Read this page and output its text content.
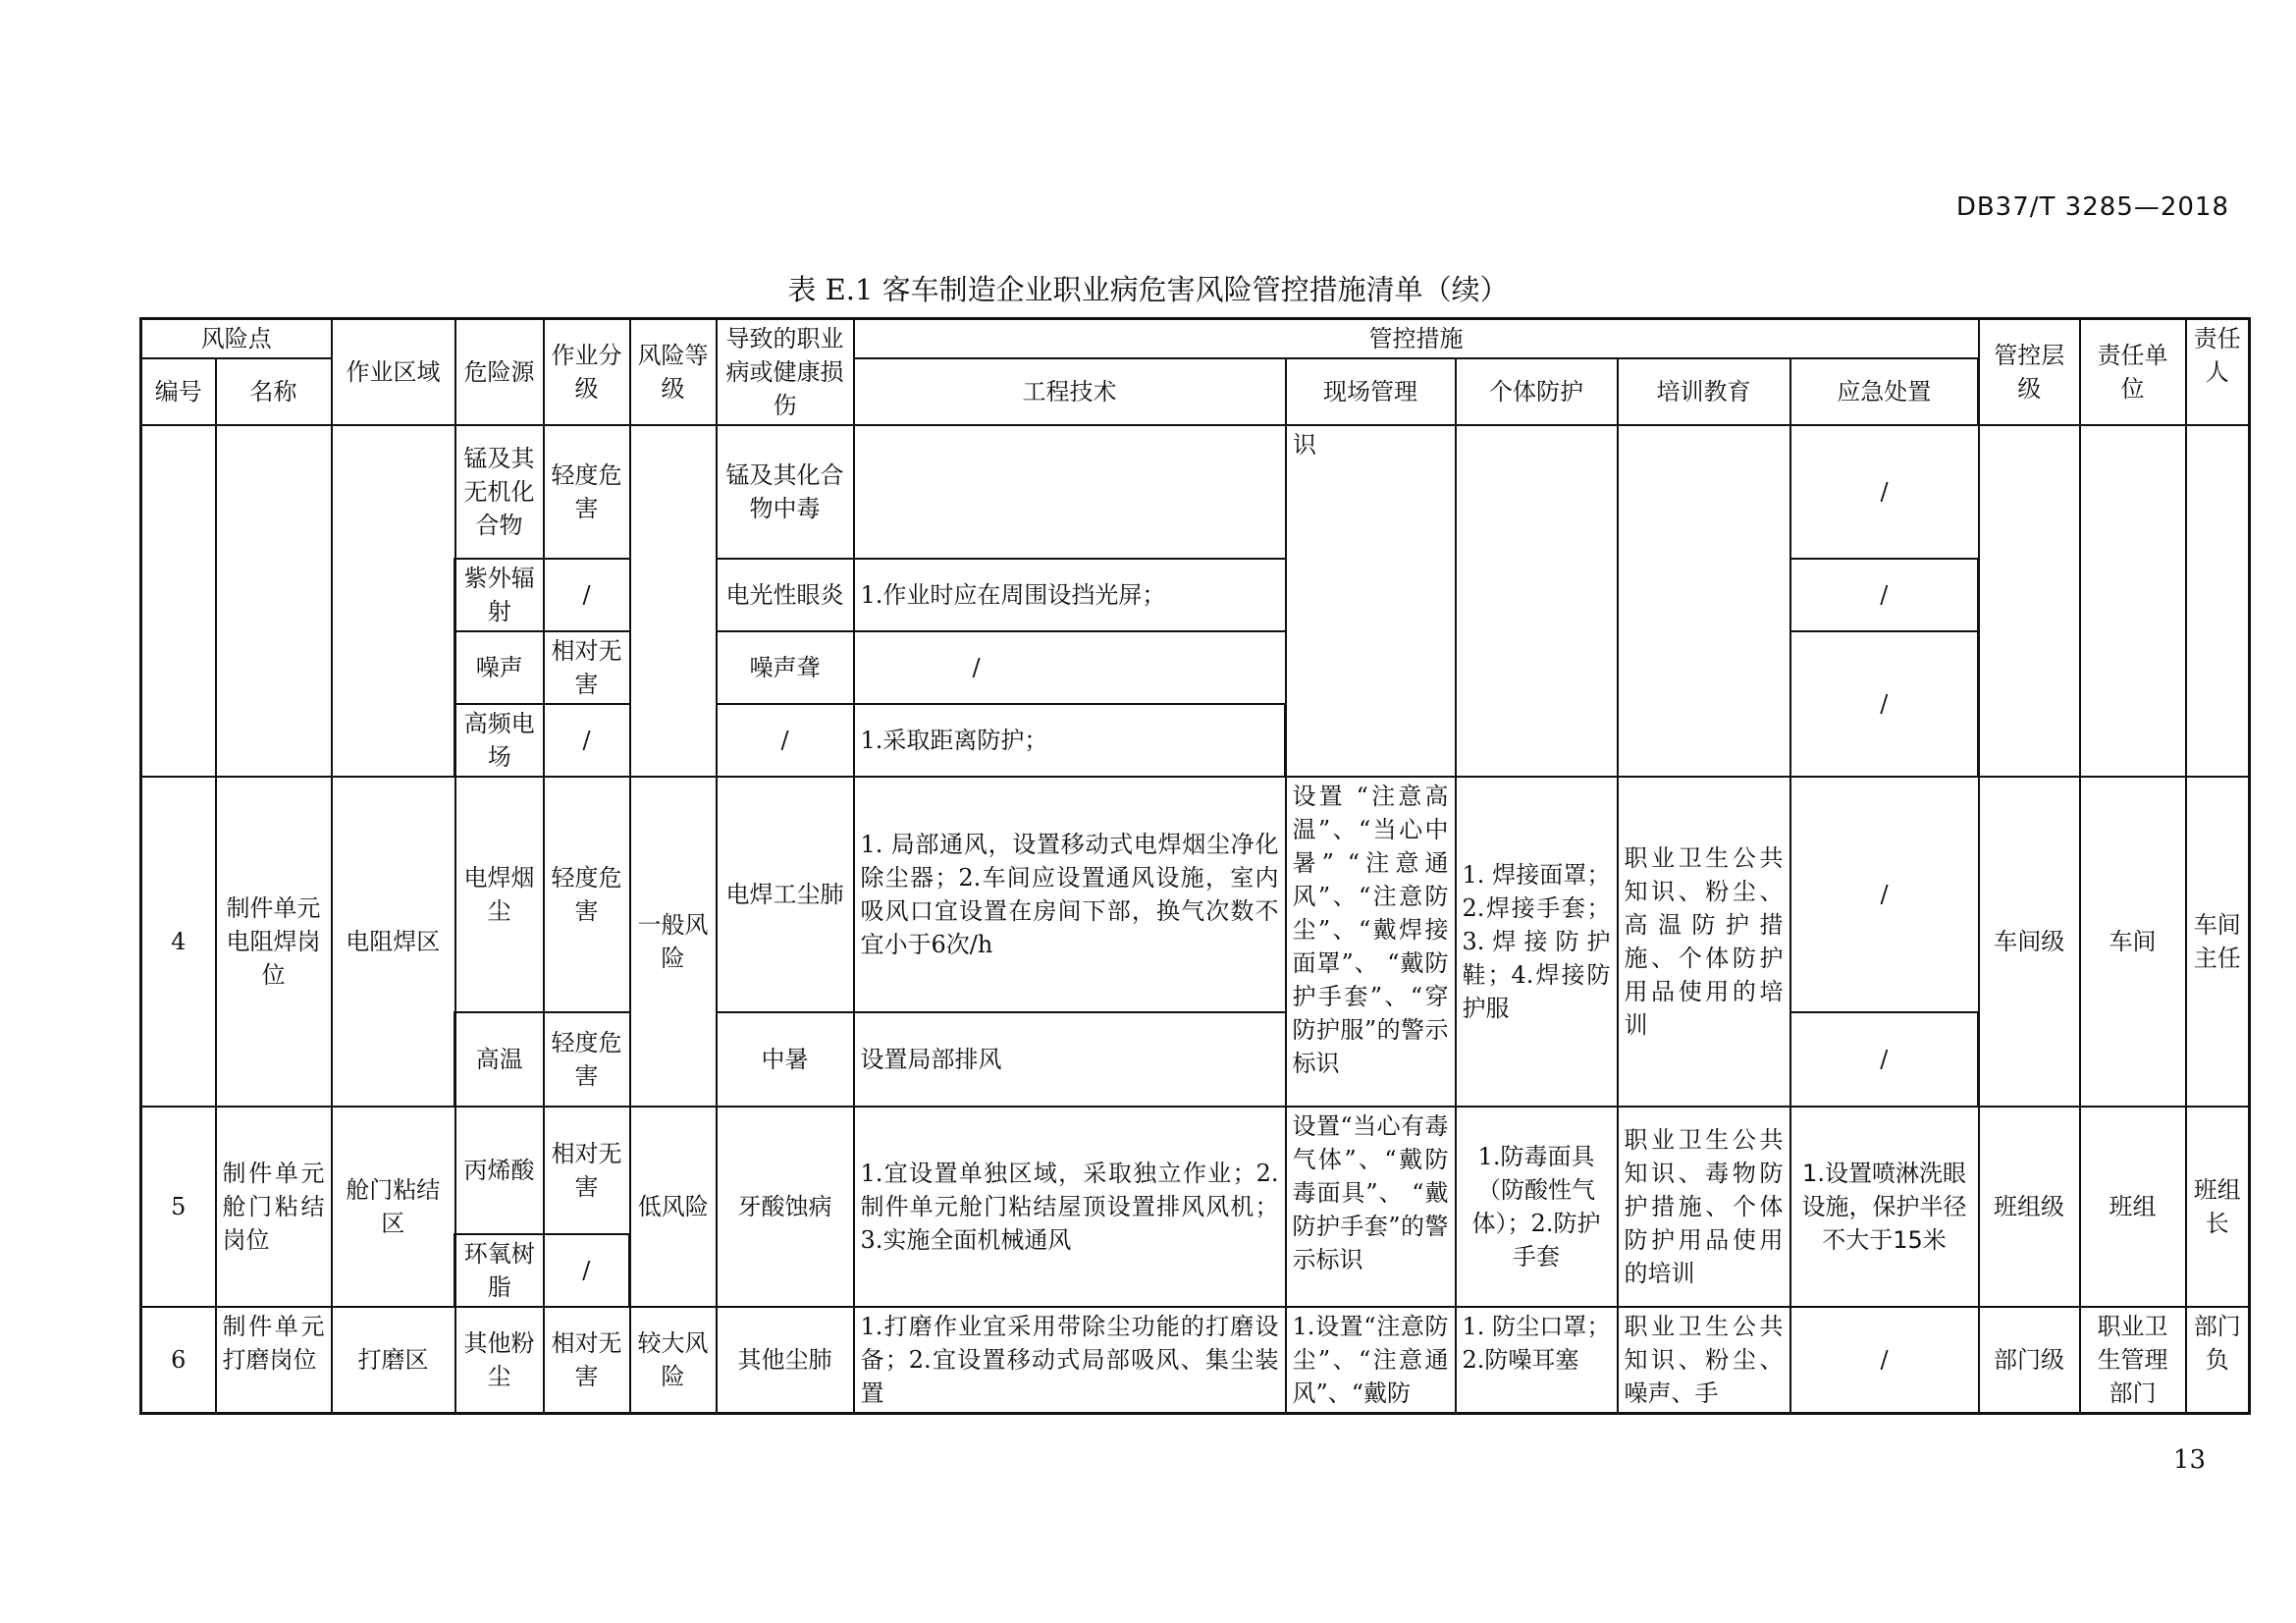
DB37/T 3285—2018
表 E.1 客车制造企业职业病危害风险管控措施清单（续）
风险点		作业区域	危险源	作业分级	风险等级	导致的职业病或健康损伤	管控措施					管控层级	责任单位	责任人
编号	名称						工程技术	现场管理	个体防护	培训教育	应急处置			
			锰及其无机化合物	轻度危害		锰及其化合物中毒		识			/			
			紫外辐射	/		电光性眼炎	1.作业时应在周围设挡光屏；				/			
			噪声	相对无害		噪声聋	/				/			
			高频电场	/		/	1.采取距离防护；							
4	制件单元电阻焊岗位	电阻焊区	电焊烟尘	轻度危害	一般风险	电焊工尘肺	1. 局部通风，设置移动式电焊烟尘净化除尘器；2.车间应设置通风设施，室内吸风口宜设置在房间下部，换气次数不宜小于6次/h	设置 “注意高温”、“当心中暑” “注意通风”、“注意防尘”、“戴焊接面罩”、 “戴防护手套”、“穿防护服”的警示标识	1. 焊接面罩；2.焊接手套；3.焊接防护鞋；4.焊接防护服	职业卫生公共知识、粉尘、高温防护措施、个体防护用品使用的培训	/	车间级	车间	车间主任
			高温	轻度危害		中暑	设置局部排风				/			
5	制件单元舱门粘结岗位	舱门粘结区	丙烯酸	相对无害	低风险	牙酸蚀病	1.宜设置单独区域，采取独立作业；2.制件单元舱门粘结屋顶设置排风风机；3.实施全面机械通风	设置“当心有毒气体”、“戴防毒面具”、 “戴防护手套”的警示标识	1.防毒面具（防酸性气体）；2.防护手套	职业卫生公共知识、毒物防护措施、个体防护用品使用的培训	1.设置喷淋洗眼设施，保护半径不大于15米	班组级	班组	班组长
			环氧树脂	/										
6	制件单元打磨岗位	打磨区	其他粉尘	相对无害	较大风险	其他尘肺	1.打磨作业宜采用带除尘功能的打磨设备；2.宜设置移动式局部吸风、集尘装置	1.设置“注意防尘”、“注意通风”、“戴防	1. 防尘口罩；2.防噪耳塞	职业卫生公共知识、粉尘、噪声、手	/	部门级	职业卫生管理部门	部门负
13
